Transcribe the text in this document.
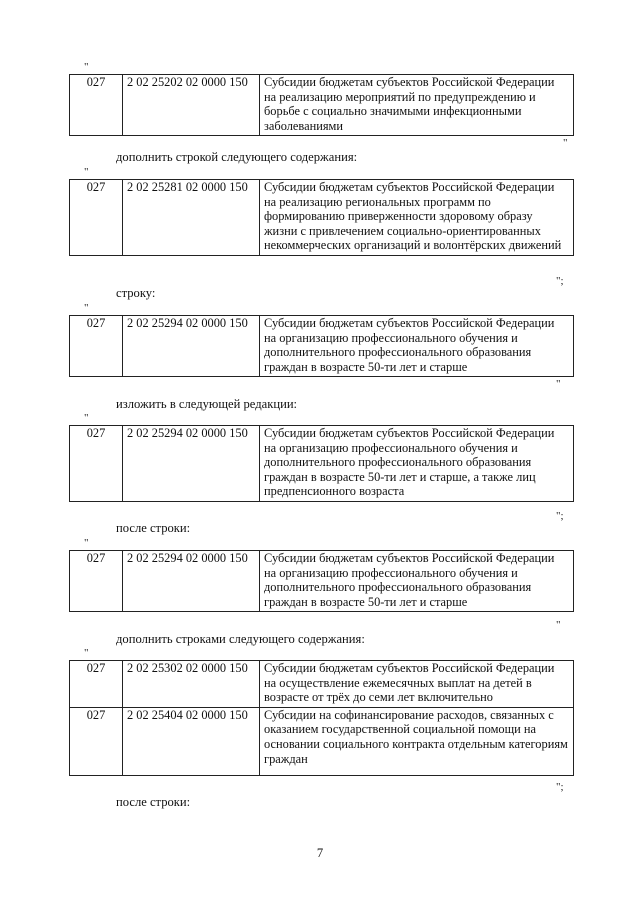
"
027	2 02 25202 02 0000 150	Субсидии бюджетам субъектов Российской Федерации на реализацию мероприятий по предупреждению и борьбе с социально значимыми инфекционными заболеваниями
"
дополнить строкой следующего содержания:
"
027	2 02 25281 02 0000 150	Субсидии бюджетам субъектов Российской Федерации на реализацию региональных программ по формированию приверженности здоровому образу жизни с привлечением социально-ориентированных некоммерческих организаций и волонтёрских движений
";
строку:
"
027	2 02 25294 02 0000 150	Субсидии бюджетам субъектов Российской Федерации на организацию профессионального обучения и дополнительного профессионального образования граждан в возрасте 50-ти лет и старше
"
изложить в следующей редакции:
"
027	2 02 25294 02 0000 150	Субсидии бюджетам субъектов Российской Федерации на организацию профессионального обучения и дополнительного профессионального образования граждан в возрасте 50-ти лет и старше, а также лиц предпенсионного возраста
";
после строки:
"
027	2 02 25294 02 0000 150	Субсидии бюджетам субъектов Российской Федерации на организацию профессионального обучения и дополнительного профессионального образования граждан в возрасте 50-ти лет и старше
"
дополнить строками следующего содержания:
"
027	2 02 25302 02 0000 150	Субсидии бюджетам субъектов Российской Федерации на осуществление ежемесячных выплат на детей в возрасте от трёх до семи лет включительно
027	2 02 25404 02 0000 150	Субсидии на софинансирование расходов, связанных с оказанием государственной социальной помощи на основании социального контракта отдельным категориям граждан
";
после строки:
7
